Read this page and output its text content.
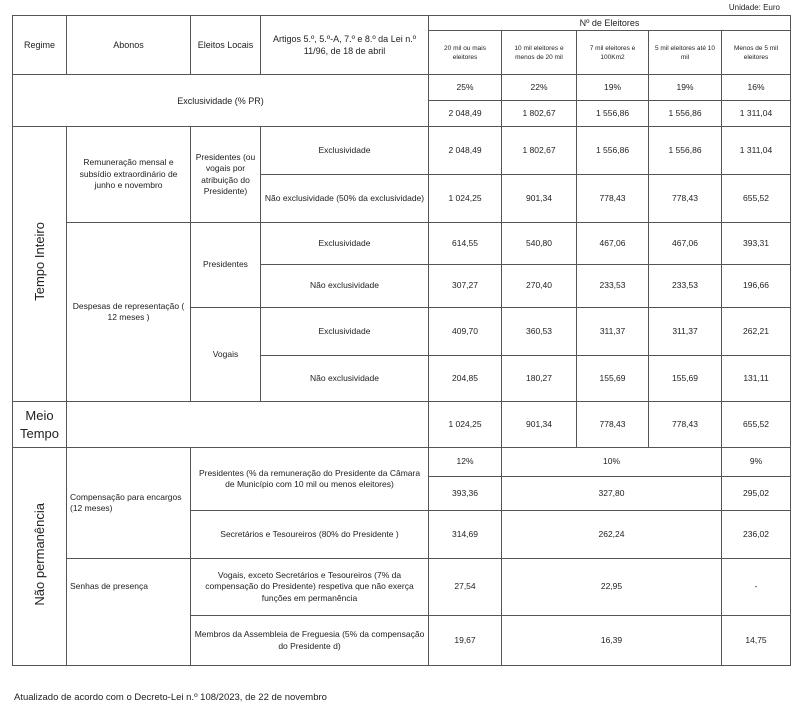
Unidade: Euro
Regime	Abonos	Eleitos Locais	Artigos 5.º, 5.º-A, 7.º e 8.º da Lei n.º 11/96, de 18 de abril	Nº de Eleitores				
				20 mil ou mais eleitores	10 mil eleitores e menos de 20 mil	7 mil eleitores e 100Km2	5 mil eleitores até 10 mil	Menos de 5 mil eleitores
Exclusividade (% PR)				25%	22%	19%	19%	16%
				2 048,49	1 802,67	1 556,86	1 556,86	1 311,04
Tempo Inteiro	Remuneração mensal e subsídio extraordinário de junho e novembro	Presidentes (ou vogais por atribuição do Presidente)	Exclusividade	2 048,49	1 802,67	1 556,86	1 556,86	1 311,04
			Não exclusividade (50% da exclusividade)	1 024,25	901,34	778,43	778,43	655,52
	Despesas de representação ( 12 meses )	Presidentes	Exclusividade	614,55	540,80	467,06	467,06	393,31
			Não exclusividade	307,27	270,40	233,53	233,53	196,66
		Vogais	Exclusividade	409,70	360,53	311,37	311,37	262,21
			Não exclusividade	204,85	180,27	155,69	155,69	131,11
Meio Tempo				1 024,25	901,34	778,43	778,43	655,52
Não permanência	Compensação para encargos (12 meses)	Presidentes (% da remuneração do Presidente da Câmara de Município com 10 mil ou menos eleitores)		12%	10%			9%
				393,36	327,80			295,02
		Secretários e Tesoureiros (80% do Presidente )		314,69	262,24			236,02
	Senhas de presença	Vogais, exceto Secretários e Tesoureiros (7% da compensação do Presidente) respetiva que não exerça funções em permanência		27,54	22,95			-
		Membros da Assembleia de Freguesia (5% da compensação do Presidente d)		19,67	16,39			14,75
Atualizado de acordo com o Decreto-Lei n.º 108/2023, de 22 de novembro
